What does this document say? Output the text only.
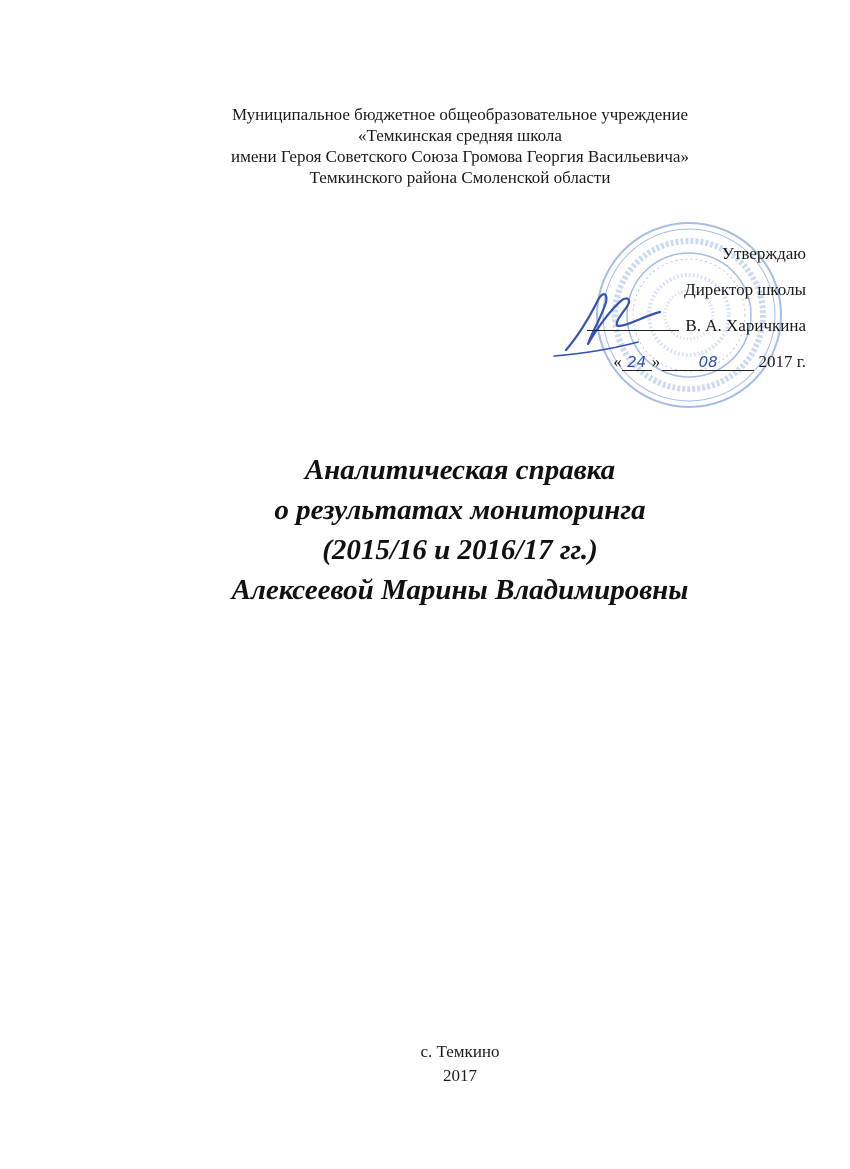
Муниципальное бюджетное общеобразовательное учреждение
«Темкинская средняя школа
имени Героя Советского Союза Громова Георгия Васильевича»
Темкинского района Смоленской области
Утверждаю
Директор школы
В. А. Харичкина
« 24 »	08 2017 г.
Аналитическая справка
о результатах мониторинга
(2015/16 и 2016/17 гг.)
Алексеевой Марины Владимировны
с. Темкино
2017
